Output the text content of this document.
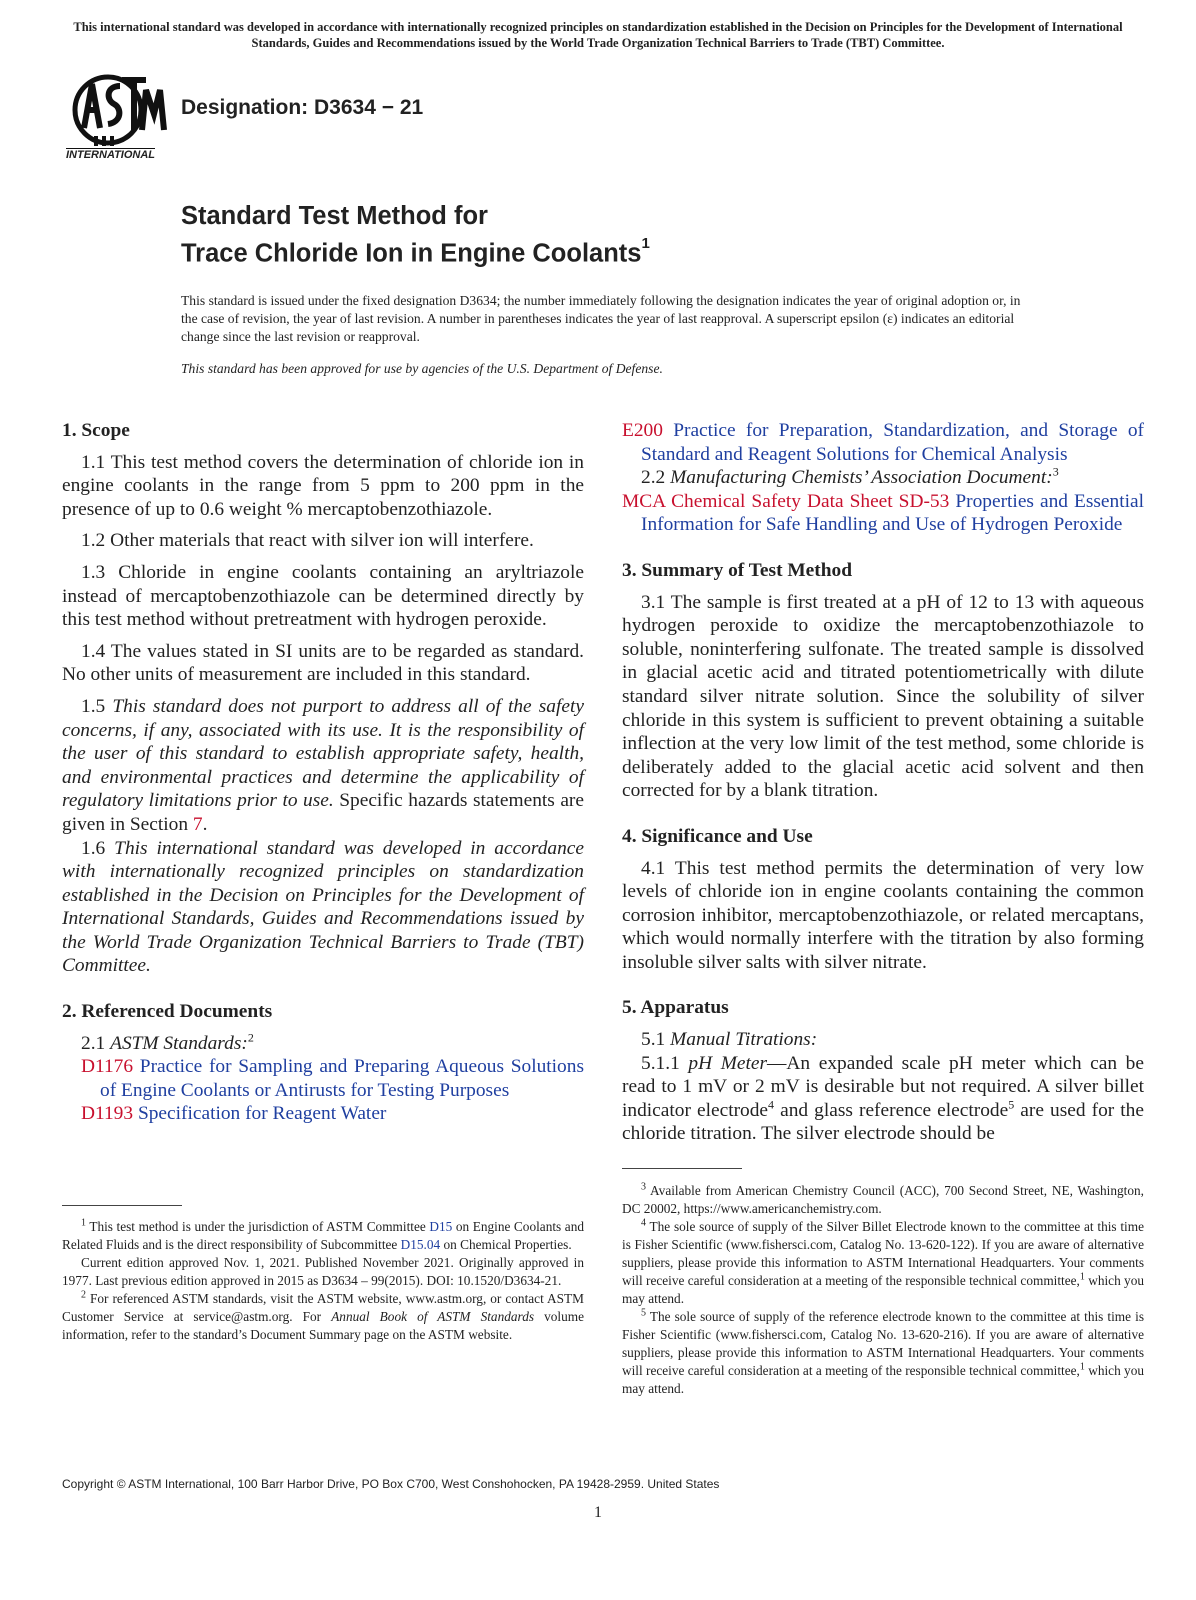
This international standard was developed in accordance with internationally recognized principles on standardization established in the Decision on Principles for the Development of International Standards, Guides and Recommendations issued by the World Trade Organization Technical Barriers to Trade (TBT) Committee.
INTERNATIONAL
Designation: D3634 − 21
Standard Test Method for
Trace Chloride Ion in Engine Coolants$^1$
This standard is issued under the fixed designation D3634; the number immediately following the designation indicates the year of original adoption or, in the case of revision, the year of last revision. A number in parentheses indicates the year of last reapproval. A superscript epsilon (ε) indicates an editorial change since the last revision or reapproval.
This standard has been approved for use by agencies of the U.S. Department of Defense.
1. Scope

1.1 This test method covers the determination of chloride ion in engine coolants in the range from 5 ppm to 200 ppm in the presence of up to 0.6 weight % mercaptobenzothiazole.

1.2 Other materials that react with silver ion will interfere.

1.3 Chloride in engine coolants containing an aryltriazole instead of mercaptobenzothiazole can be determined directly by this test method without pretreatment with hydrogen peroxide.

1.4 The values stated in SI units are to be regarded as standard. No other units of measurement are included in this standard.

1.5 This standard does not purport to address all of the safety concerns, if any, associated with its use. It is the responsibility of the user of this standard to establish appropriate safety, health, and environmental practices and determine the applicability of regulatory limitations prior to use. Specific hazards statements are given in Section 7.

1.6 This international standard was developed in accordance with internationally recognized principles on standardization established in the Decision on Principles for the Development of International Standards, Guides and Recommendations issued by the World Trade Organization Technical Barriers to Trade (TBT) Committee.

2. Referenced Documents

2.1 ASTM Standards:$^2$

D1176 Practice for Sampling and Preparing Aqueous Solutions of Engine Coolants or Antirusts for Testing Purposes

D1193 Specification for Reagent Water

E200 Practice for Preparation, Standardization, and Storage of Standard and Reagent Solutions for Chemical Analysis

2.2 Manufacturing Chemists’ Association Document:$^3$

MCA Chemical Safety Data Sheet SD-53 Properties and Essential Information for Safe Handling and Use of Hydrogen Peroxide

3. Summary of Test Method

3.1 The sample is first treated at a pH of 12 to 13 with aqueous hydrogen peroxide to oxidize the mercaptobenzothiazole to soluble, noninterfering sulfonate. The treated sample is dissolved in glacial acetic acid and titrated potentiometrically with dilute standard silver nitrate solution. Since the solubility of silver chloride in this system is sufficient to prevent obtaining a suitable inflection at the very low limit of the test method, some chloride is deliberately added to the glacial acetic acid solvent and then corrected for by a blank titration.

4. Significance and Use

4.1 This test method permits the determination of very low levels of chloride ion in engine coolants containing the common corrosion inhibitor, mercaptobenzothiazole, or related mercaptans, which would normally interfere with the titration by also forming insoluble silver salts with silver nitrate.

5. Apparatus

5.1 Manual Titrations:

5.1.1 pH Meter—An expanded scale pH meter which can be read to 1 mV or 2 mV is desirable but not required. A silver billet indicator electrode$^4$ and glass reference electrode$^5$ are used for the chloride titration. The silver electrode should be

$^1$ This test method is under the jurisdiction of ASTM Committee D15 on Engine Coolants and Related Fluids and is the direct responsibility of Subcommittee D15.04 on Chemical Properties.

Current edition approved Nov. 1, 2021. Published November 2021. Originally approved in 1977. Last previous edition approved in 2015 as D3634 – 99(2015). DOI: 10.1520/D3634-21.

$^2$ For referenced ASTM standards, visit the ASTM website, www.astm.org, or contact ASTM Customer Service at service@astm.org. For Annual Book of ASTM Standards volume information, refer to the standard’s Document Summary page on the ASTM website.

$^3$ Available from American Chemistry Council (ACC), 700 Second Street, NE, Washington, DC 20002, https://www.americanchemistry.com.

$^4$ The sole source of supply of the Silver Billet Electrode known to the committee at this time is Fisher Scientific (www.fishersci.com, Catalog No. 13-620-122). If you are aware of alternative suppliers, please provide this information to ASTM International Headquarters. Your comments will receive careful consideration at a meeting of the responsible technical committee,$^1$ which you may attend.

$^5$ The sole source of supply of the reference electrode known to the committee at this time is Fisher Scientific (www.fishersci.com, Catalog No. 13-620-216). If you are aware of alternative suppliers, please provide this information to ASTM International Headquarters. Your comments will receive careful consideration at a meeting of the responsible technical committee,$^1$ which you may attend.

Copyright © ASTM International, 100 Barr Harbor Drive, PO Box C700, West Conshohocken, PA 19428-2959. United States
1
